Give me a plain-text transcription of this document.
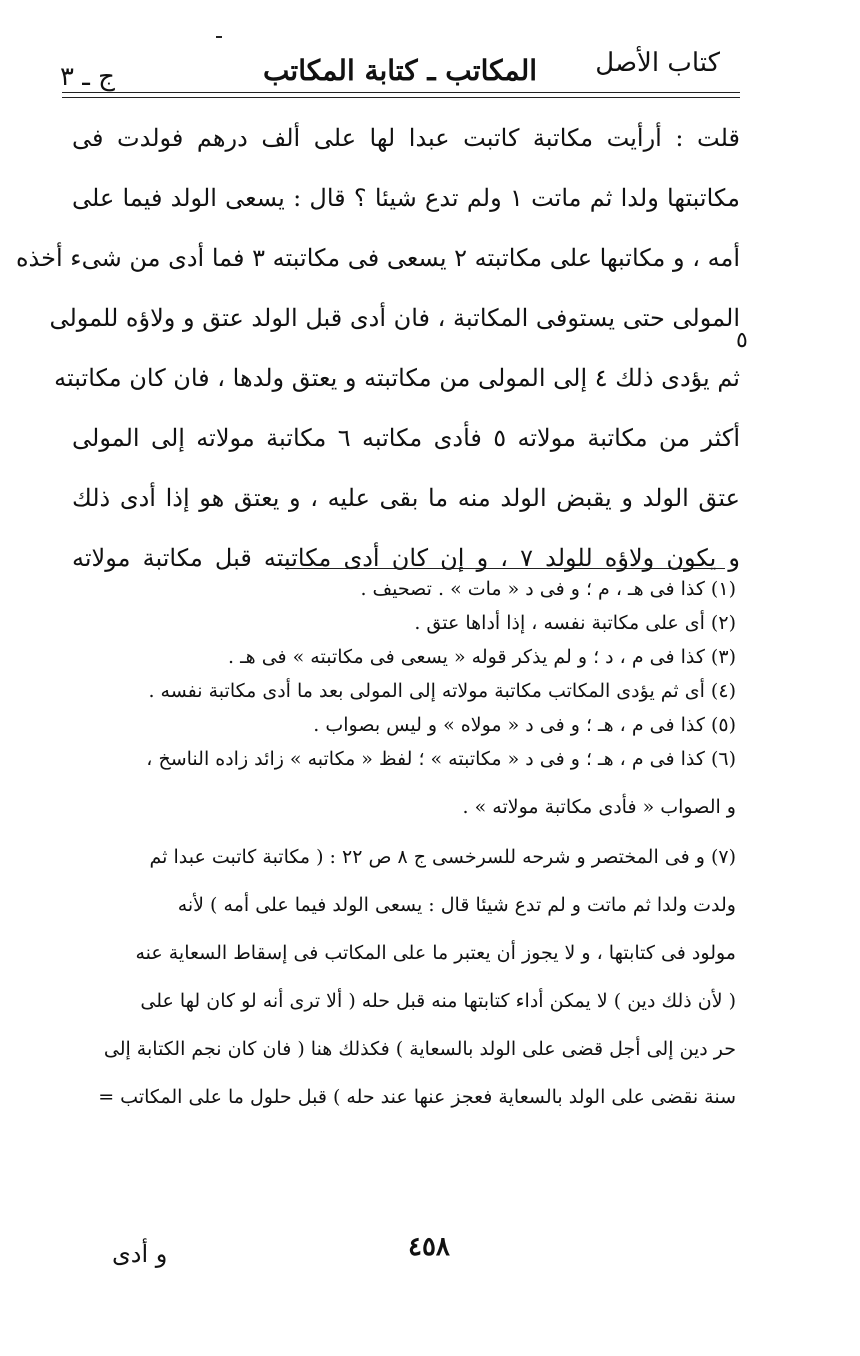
كتاب الأصل
المكاتب ـ كتابة المكاتب
ج ـ ٣
قلت : أرأيت مكاتبة كاتبت عبدا لها على ألف درهم فولدت فى
مكاتبتها ولدا ثم ماتت ١ ولم تدع شيئا ؟ قال : يسعى الولد فيما على
أمه ، و مكاتبها على مكاتبته ٢ يسعى فى مكاتبته ٣ فما أدى من شىء أخذه
المولى حتى يستوفى المكاتبة ، فان أدى قبل الولد عتق و ولاؤه للمولى
ثم يؤدى ذلك ٤ إلى المولى من مكاتبته و يعتق ولدها ، فان كان مكاتبته
أكثر من مكاتبة مولاته ٥ فأدى مكاتبه ٦ مكاتبة مولاته إلى المولى
عتق الولد و يقبض الولد منه ما بقى عليه ، و يعتق هو إذا أدى ذلك
و يكون ولاؤه للولد ٧ ، و إن كان أدى مكاتبته قبل مكاتبة مولاته
٥
(١) كذا فى هـ ، م ؛ و فى د « مات » . تصحيف .
(٢) أى على مكاتبة نفسه ، إذا أداها عتق .
(٣) كذا فى م ، د ؛ و لم يذكر قوله « يسعى فى مكاتبته » فى هـ .
(٤) أى ثم يؤدى المكاتب مكاتبة مولاته إلى المولى بعد ما أدى مكاتبة نفسه .
(٥) كذا فى م ، هـ ؛ و فى د « مولاه » و ليس بصواب .
(٦) كذا فى م ، هـ ؛ و فى د « مكاتبته » ؛ لفظ « مكاتبه » زائد زاده الناسخ ،
و الصواب « فأدى مكاتبة مولاته » .
(٧) و فى المختصر و شرحه للسرخسى ج ٨ ص ٢٢ : ( مكاتبة كاتبت عبدا ثم
ولدت ولدا ثم ماتت و لم تدع شيئا قال : يسعى الولد فيما على أمه ) لأنه
مولود فى كتابتها ، و لا يجوز أن يعتبر ما على المكاتب فى إسقاط السعاية عنه
( لأن ذلك دين ) لا يمكن أداء كتابتها منه قبل حله ( ألا ترى أنه لو كان لها على
حر دين إلى أجل قضى على الولد بالسعاية ) فكذلك هنا ( فان كان نجم الكتابة إلى
سنة نقضى على الولد بالسعاية فعجز عنها عند حله ) قبل حلول ما على المكاتب =
٤٥٨
و أدى
